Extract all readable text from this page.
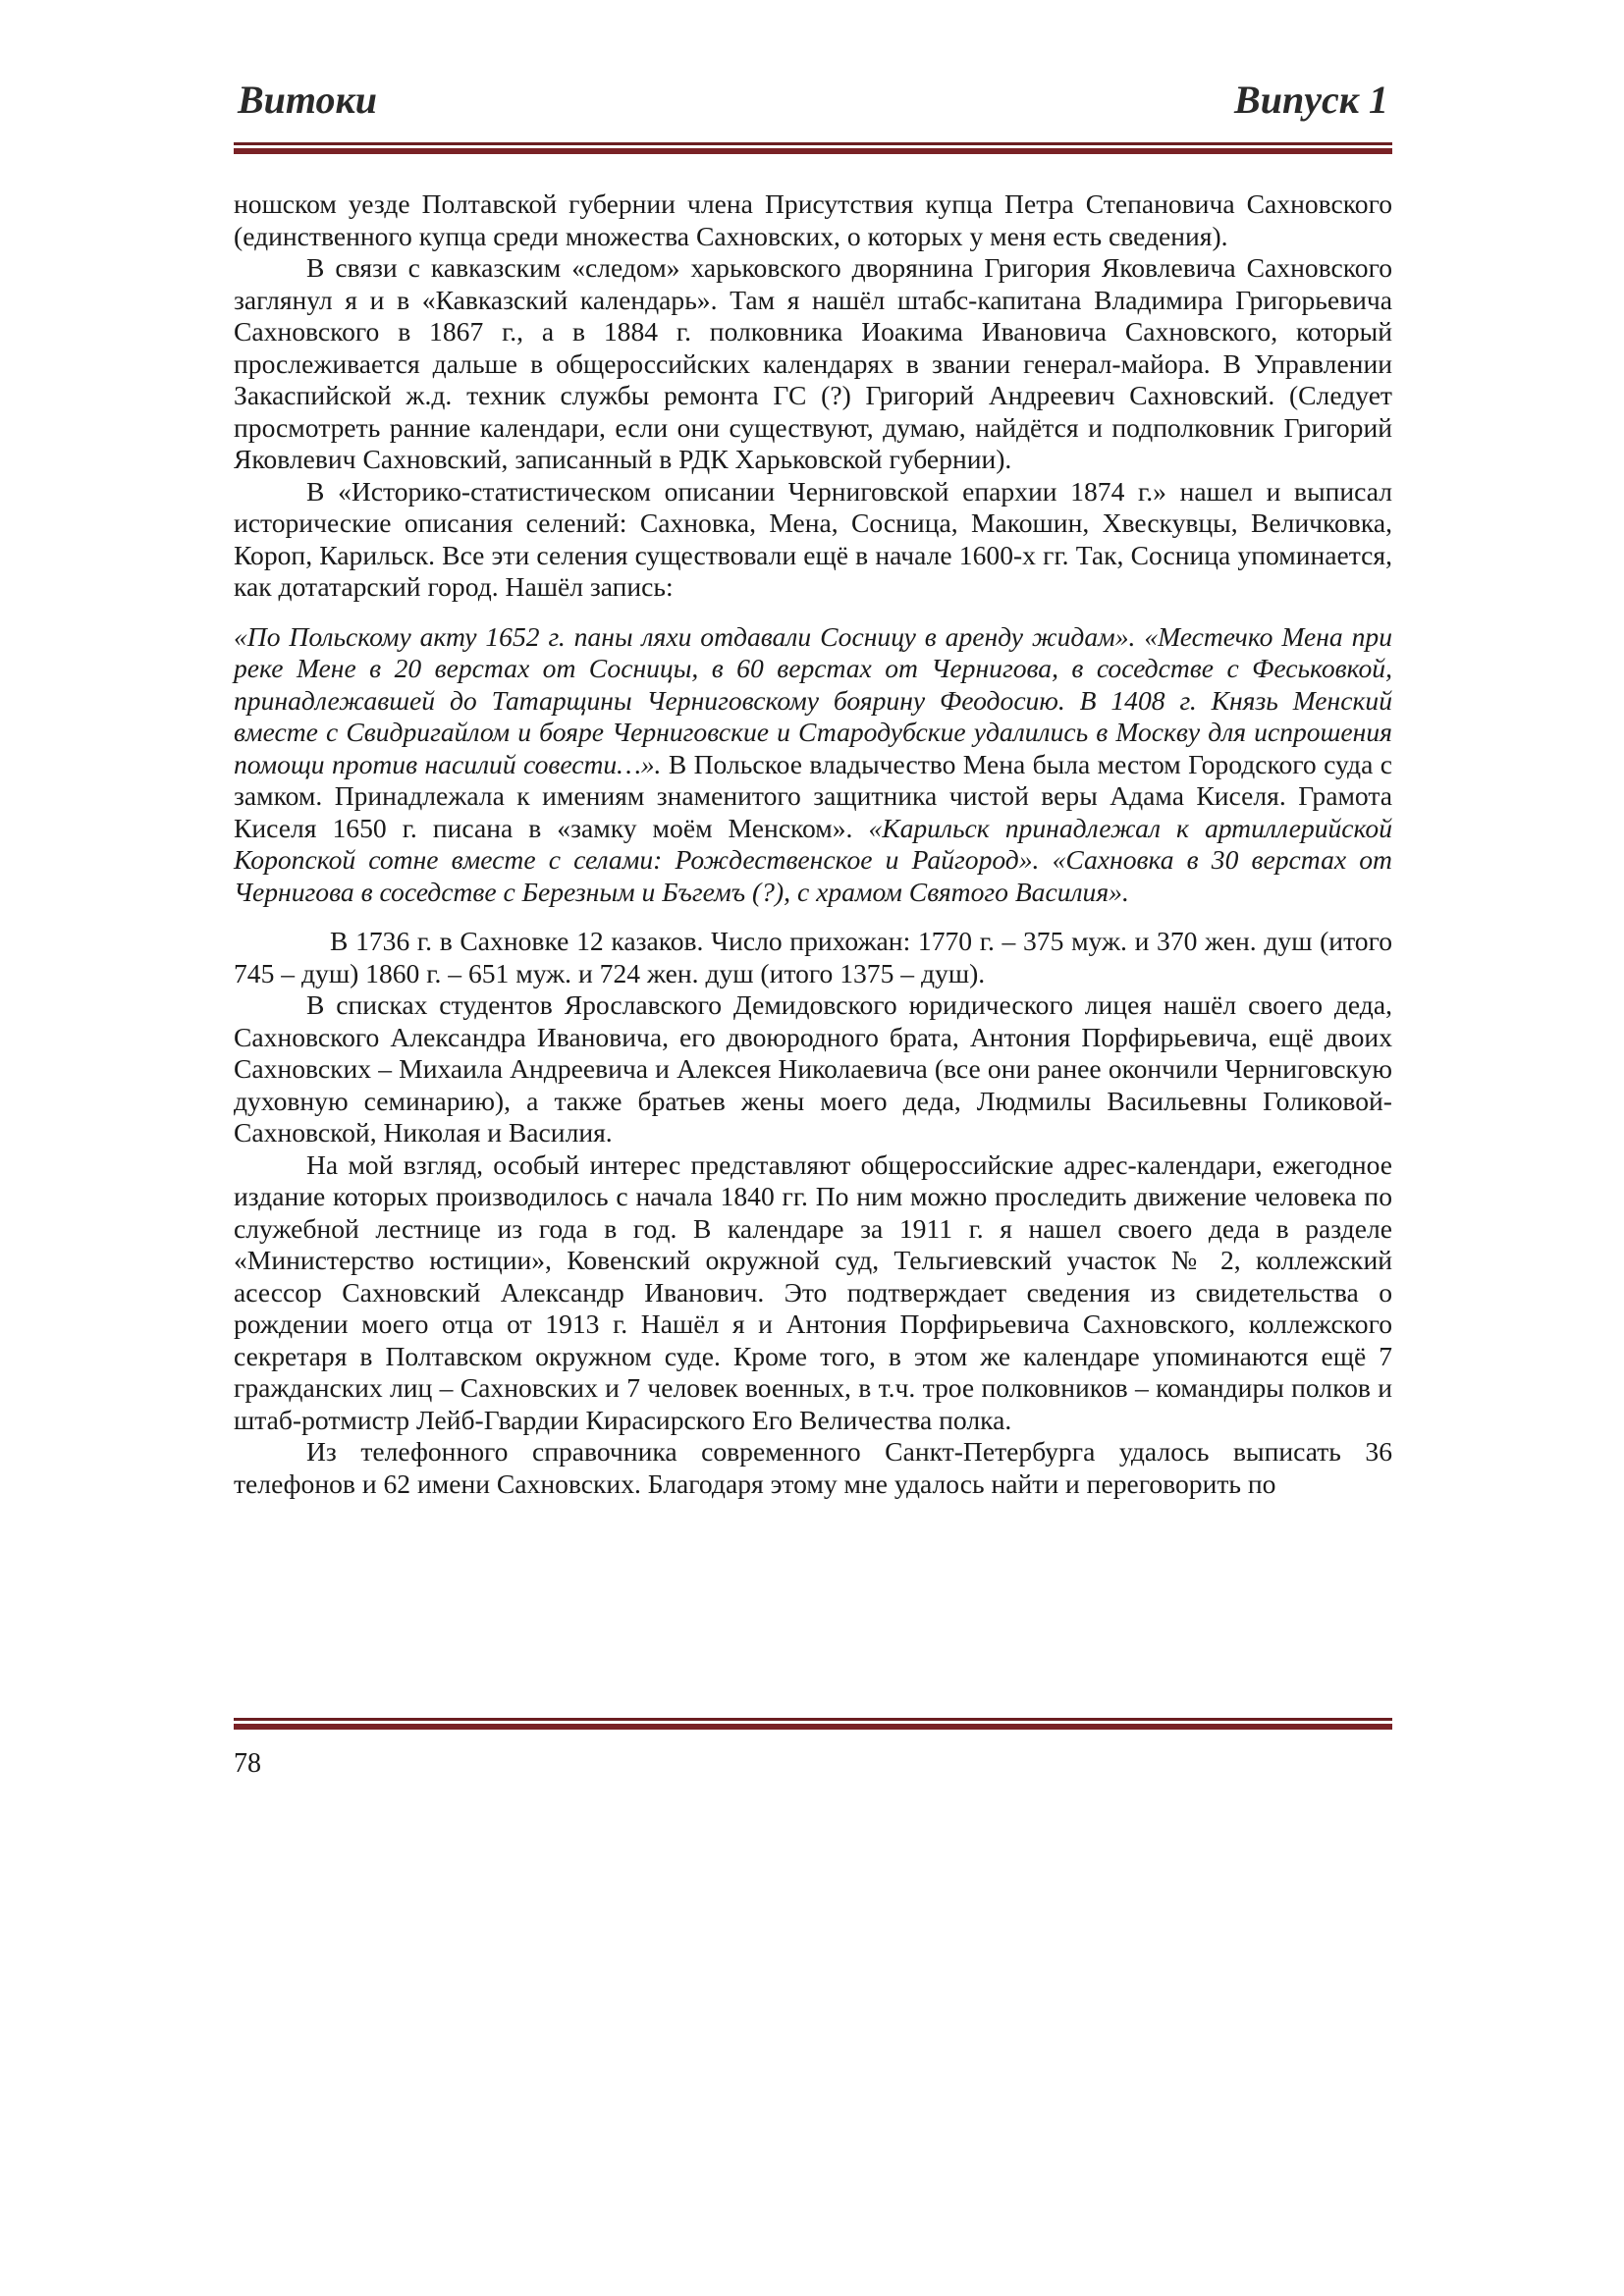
Витоки	Випуск 1

ношском уезде Полтавской губернии члена Присутствия купца Петра Степановича Сахновского (единственного купца среди множества Сахновских, о которых у меня есть сведения).

В связи с кавказским «следом» харьковского дворянина Григория Яковлевича Сахновского заглянул я и в «Кавказский календарь». Там я нашёл штабс-капитана Владимира Григорьевича Сахновского в 1867 г., а в 1884 г. полковника Иоакима Ивановича Сахновского, который прослеживается дальше в общероссийских календарях в звании генерал-майора. В Управлении Закаспийской ж.д. техник службы ремонта ГС (?) Григорий Андреевич Сахновский. (Следует просмотреть ранние календари, если они существуют, думаю, найдётся и подполковник Григорий Яковлевич Сахновский, записанный в РДК Харьковской губернии).

В «Историко-статистическом описании Черниговской епархии 1874 г.» нашел и выписал исторические описания селений: Сахновка, Мена, Сосница, Макошин, Хвескувцы, Величковка, Короп, Карильск. Все эти селения существовали ещё в начале 1600-х гг. Так, Сосница упоминается, как дотатарский город. Нашёл запись:

«По Польскому акту 1652 г. паны ляхи отдавали Сосницу в аренду жидам». «Местечко Мена при реке Мене в 20 верстах от Сосницы, в 60 верстах от Чернигова, в соседстве с Феськовкой, принадлежавшей до Татарщины Черниговскому боярину Феодосию. В 1408 г. Князь Менский вместе с Свидригайлом и бояре Черниговские и Стародубские удалились в Москву для испрошения помощи против насилий совести…». В Польское владычество Мена была местом Городского суда с замком. Принадлежала к имениям знаменитого защитника чистой веры Адама Киселя. Грамота Киселя 1650 г. писана в «замку моём Менском». «Карильск принадлежал к артиллерийской Коропской сотне вместе с селами: Рождественское и Райгород». «Сахновка в 30 верстах от Чернигова в соседстве с Березным и Бъгемъ (?), с храмом Святого Василия».

В 1736 г. в Сахновке 12 казаков. Число прихожан: 1770 г. – 375 муж. и 370 жен. душ (итого 745 – душ) 1860 г. – 651 муж. и 724 жен. душ (итого 1375 – душ).

В списках студентов Ярославского Демидовского юридического лицея нашёл своего деда, Сахновского Александра Ивановича, его двоюродного брата, Антония Порфирьевича, ещё двоих Сахновских – Михаила Андреевича и Алексея Николаевича (все они ранее окончили Черниговскую духовную семинарию), а также братьев жены моего деда, Людмилы Васильевны Голиковой-Сахновской, Николая и Василия.

На мой взгляд, особый интерес представляют общероссийские адрес-календари, ежегодное издание которых производилось с начала 1840 гг. По ним можно проследить движение человека по служебной лестнице из года в год. В календаре за 1911 г. я нашел своего деда в разделе «Министерство юстиции», Ковенский окружной суд, Тельгиевский участок № 2, коллежский асессор Сахновский Александр Иванович. Это подтверждает сведения из свидетельства о рождении моего отца от 1913 г. Нашёл я и Антония Порфирьевича Сахновского, коллежского секретаря в Полтавском окружном суде. Кроме того, в этом же календаре упоминаются ещё 7 гражданских лиц – Сахновских и 7 человек военных, в т.ч. трое полковников – командиры полков и штаб-ротмистр Лейб-Гвардии Кирасирского Его Величества полка.

Из телефонного справочника современного Санкт-Петербурга удалось выписать 36 телефонов и 62 имени Сахновских. Благодаря этому мне удалось найти и переговорить по

78
